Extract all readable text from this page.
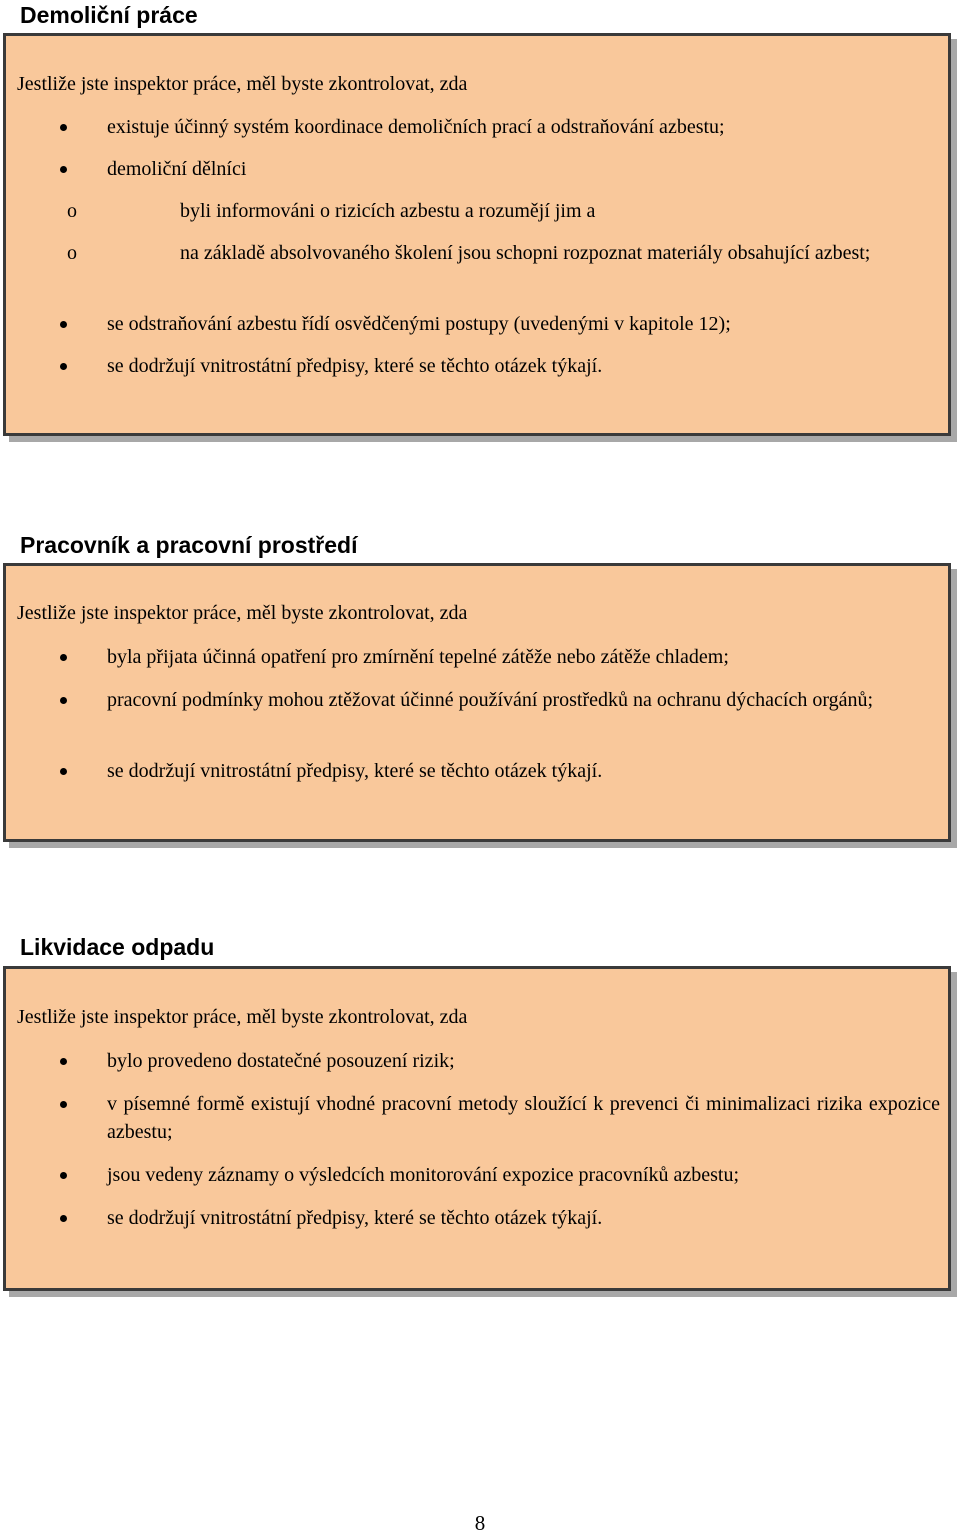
Demoliční práce
Jestliže jste inspektor práce, měl byste zkontrolovat, zda
existuje účinný systém koordinace demoličních prací a odstraňování azbestu;
demoliční dělníci
o	byli informováni o rizicích azbestu a rozumějí jim a
o	na základě absolvovaného školení jsou schopni rozpoznat materiály obsahující azbest;
se odstraňování azbestu řídí osvědčenými postupy (uvedenými v kapitole 12);
se dodržují vnitrostátní předpisy, které se těchto otázek týkají.
Pracovník a pracovní prostředí
Jestliže jste inspektor práce, měl byste zkontrolovat, zda
byla přijata účinná opatření pro zmírnění tepelné zátěže nebo zátěže chladem;
pracovní podmínky mohou ztěžovat účinné používání prostředků na ochranu dýchacích orgánů;
se dodržují vnitrostátní předpisy, které se těchto otázek týkají.
Likvidace odpadu
Jestliže jste inspektor práce, měl byste zkontrolovat, zda
bylo provedeno dostatečné posouzení rizik;
v písemné formě existují vhodné pracovní metody sloužící k prevenci či minimalizaci rizika expozice azbestu;
jsou vedeny záznamy o výsledcích monitorování expozice pracovníků azbestu;
se dodržují vnitrostátní předpisy, které se těchto otázek týkají.
8
